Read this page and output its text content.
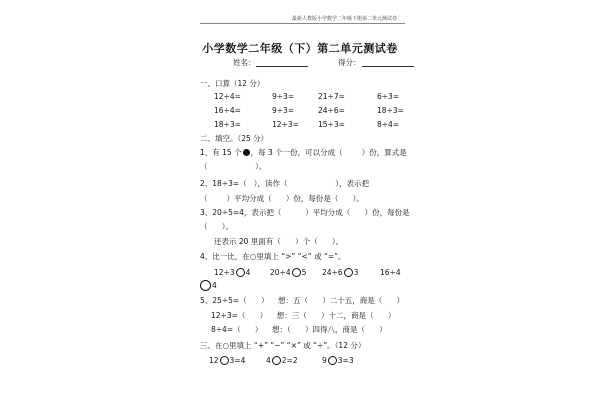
最新人教版小学数学二年级下册第二单元测试卷
小学数学二年级（下）第二单元测试卷
姓名：	得分：
一、口算（12 分）
12÷4=	9÷3=	21÷7=	6÷3=
16÷4=	9÷3=	24÷6=	18÷3=
18÷3=	12÷3=	15÷3=	8÷4=
二、填空。（25 分）
1、有 15 个 ，每 3 个一份，可以分成（        ）份，算式是
（                    ）。
2、18÷3=（   ），读作（                    ），表示把
（        ）平均分成（      ）份，每份是（      ）。
3、20÷5=4，表示把（          ）平均分成（      ）份，每份是
（      ）。
还表示 20 里面有（      ）个（      ）。
4、比一比，在○里填上 “>” “<” 或 “=”。
12÷3 4	20÷4 5 24÷6 3	16÷4
4
5、25÷5=（      ）    想：五（      ）二十五，商是（      ）
12÷3=（      ）    想：三（      ）十二，商是（      ）
8÷4=（      ）    想：（      ）四得八，商是（      ）
三、在○里填上 “+” “−” “×” 或 “÷”。（12 分）
12 3=4	4 2=2	9 3=3
